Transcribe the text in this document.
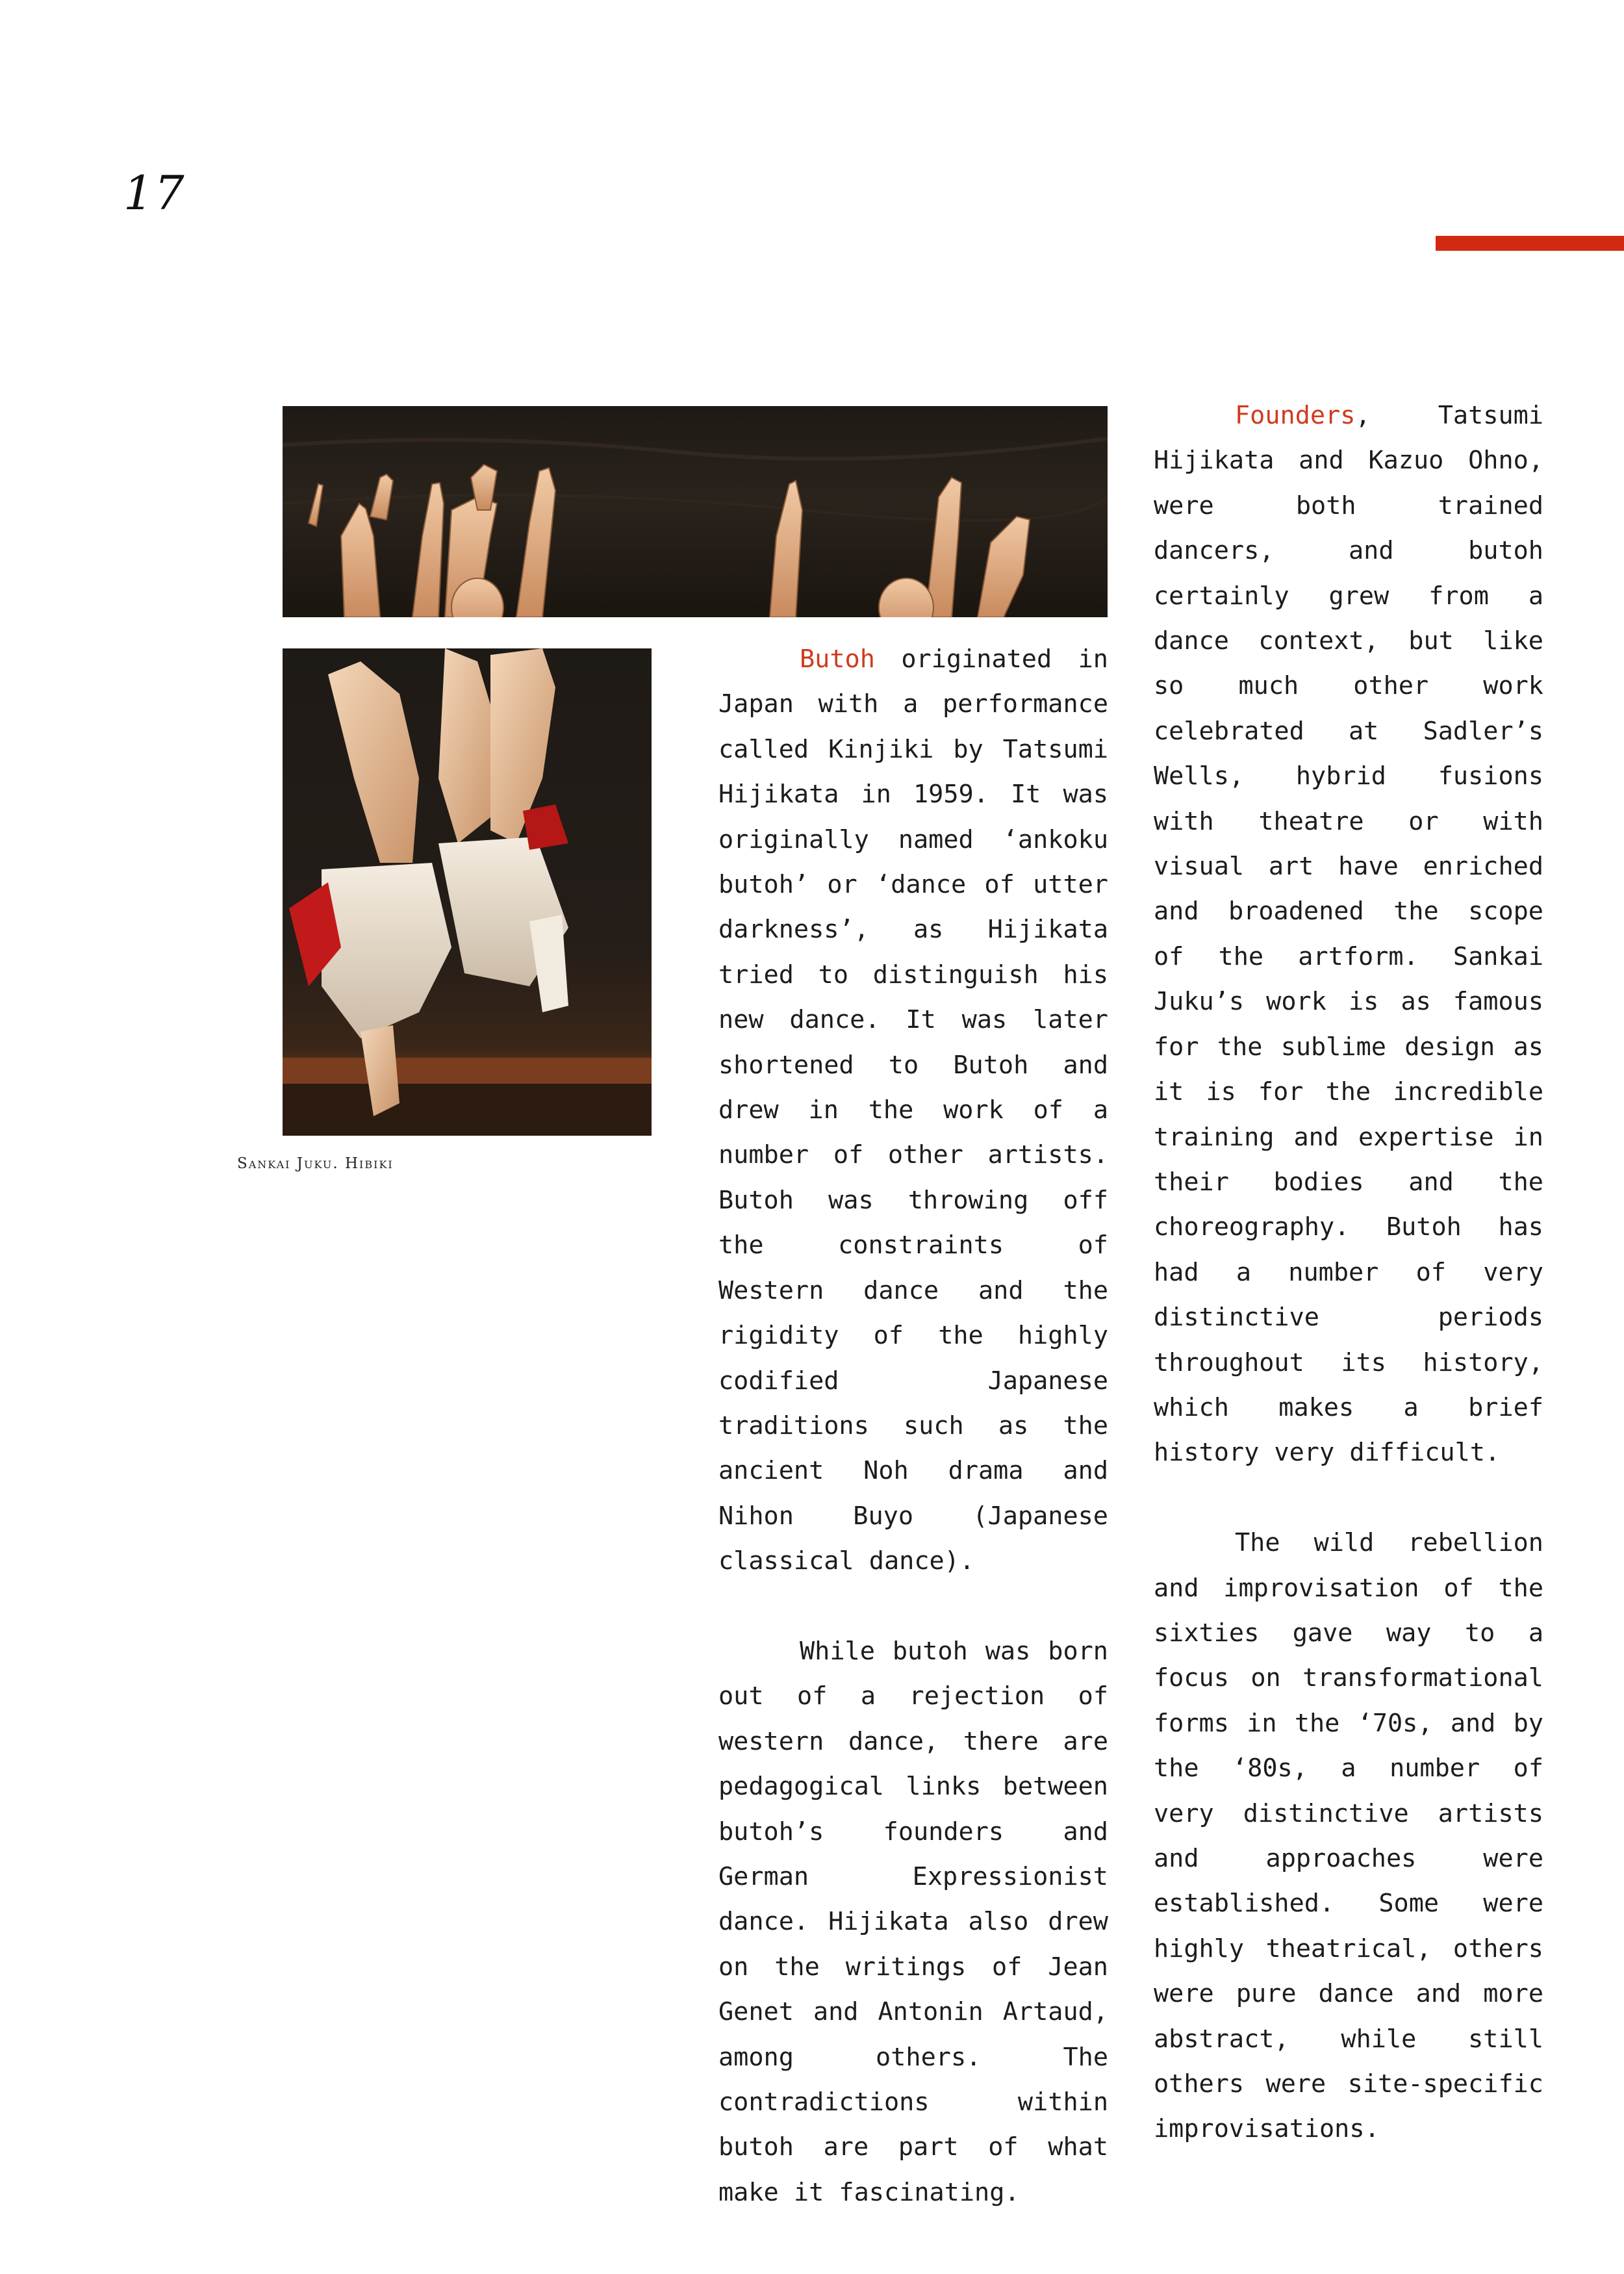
17
Sankai Juku. Hibiki

Butoh originated in Japan with a performance called Kinjiki by Tatsumi Hijikata in 1959. It was originally named ‘ankoku butoh’ or ‘dance of utter darkness’, as Hijikata tried to distinguish his new dance. It was later shortened to Butoh and drew in the work of a number of other artists. Butoh was throwing off the constraints of Western dance and the rigidity of the highly codified Japanese traditions such as the ancient Noh drama and Nihon Buyo (Japanese classical dance).

While butoh was born out of a rejection of western dance, there are pedagogical links between butoh’s founders and German Expressionist dance. Hijikata also drew on the writings of Jean Genet and Antonin Artaud, among others. The contradictions within butoh are part of what make it fascinating.

Founders, Tatsumi Hijikata and Kazuo Ohno, were both trained dancers, and butoh certainly grew from a dance context, but like so much other work celebrated at Sadler’s Wells, hybrid fusions with theatre or with visual art have enriched and broadened the scope of the artform. Sankai Juku’s work is as famous for the sublime design as it is for the incredible training and expertise in their bodies and the choreography. Butoh has had a number of very distinctive periods throughout its history, which makes a brief history very difficult.

The wild rebellion and improvisation of the sixties gave way to a focus on transformational forms in the ‘70s, and by the ‘80s, a number of very distinctive artists and approaches were established. Some were highly theatrical, others were pure dance and more abstract, while still others were site-specific improvisations.
